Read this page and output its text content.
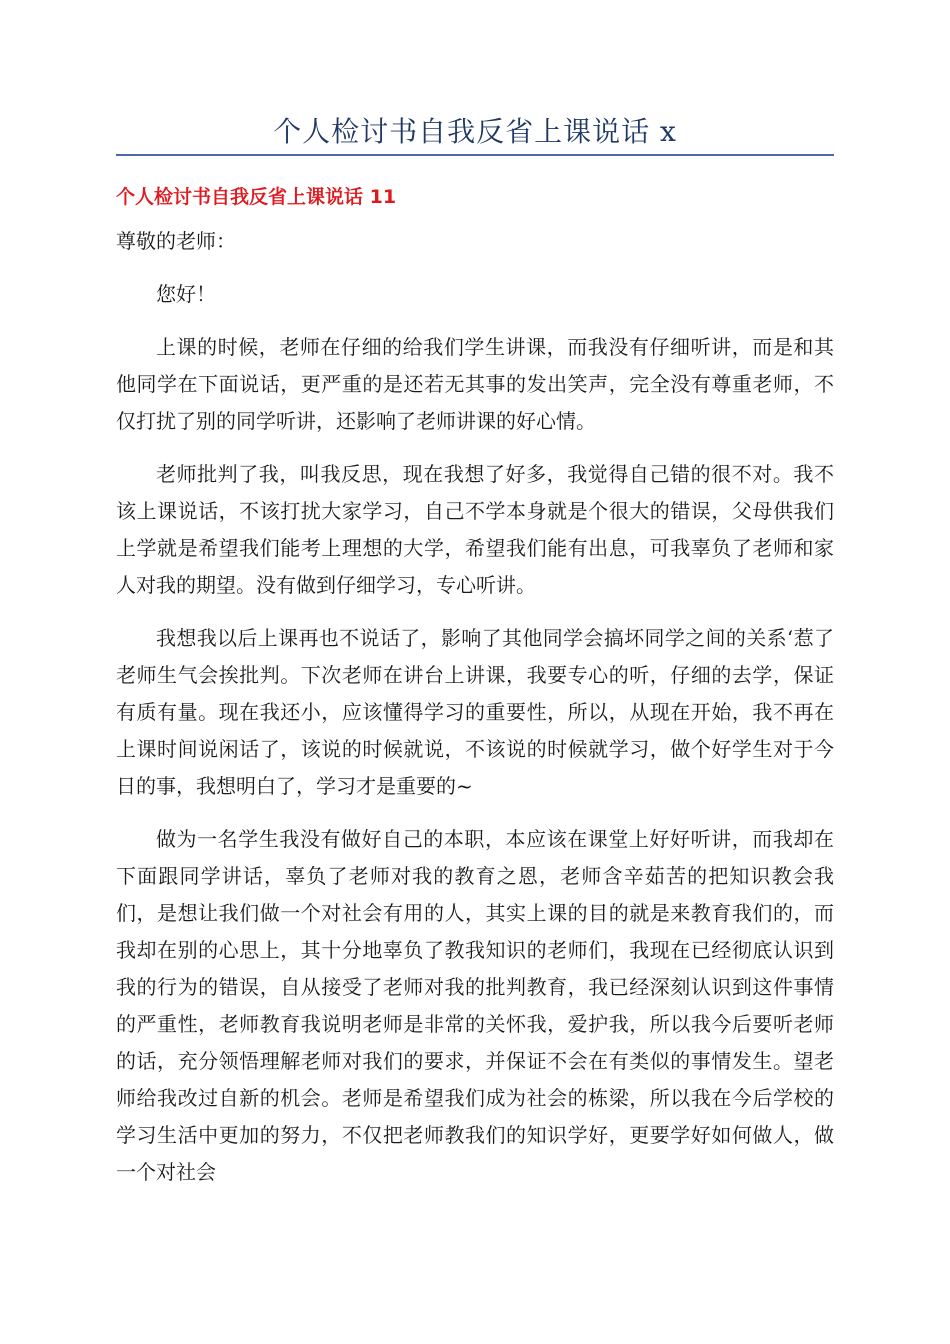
个人检讨书自我反省上课说话 x
个人检讨书自我反省上课说话 11

尊敬的老师：

您好！

上课的时候，老师在仔细的给我们学生讲课，而我没有仔细听讲，而是和其他同学在下面说话，更严重的是还若无其事的发出笑声，完全没有尊重老师，不仅打扰了别的同学听讲，还影响了老师讲课的好心情。

老师批判了我，叫我反思，现在我想了好多，我觉得自己错的很不对。我不该上课说话，不该打扰大家学习，自己不学本身就是个很大的错误，父母供我们上学就是希望我们能考上理想的大学，希望我们能有出息，可我辜负了老师和家人对我的期望。没有做到仔细学习，专心听讲。

我想我以后上课再也不说话了，影响了其他同学会搞坏同学之间的关系‘惹了老师生气会挨批判。下次老师在讲台上讲课，我要专心的听，仔细的去学，保证有质有量。现在我还小，应该懂得学习的重要性，所以，从现在开始，我不再在上课时间说闲话了，该说的时候就说，不该说的时候就学习，做个好学生对于今日的事，我想明白了，学习才是重要的~

做为一名学生我没有做好自己的本职，本应该在课堂上好好听讲，而我却在下面跟同学讲话，辜负了老师对我的教育之恩，老师含辛茹苦的把知识教会我们，是想让我们做一个对社会有用的人，其实上课的目的就是来教育我们的，而我却在别的心思上，其十分地辜负了教我知识的老师们，我现在已经彻底认识到我的行为的错误，自从接受了老师对我的批判教育，我已经深刻认识到这件事情的严重性，老师教育我说明老师是非常的关怀我，爱护我，所以我今后要听老师的话，充分领悟理解老师对我们的要求，并保证不会在有类似的事情发生。望老师给我改过自新的机会。老师是希望我们成为社会的栋梁，所以我在今后学校的学习生活中更加的努力，不仅把老师教我们的知识学好，更要学好如何做人，做一个对社会
